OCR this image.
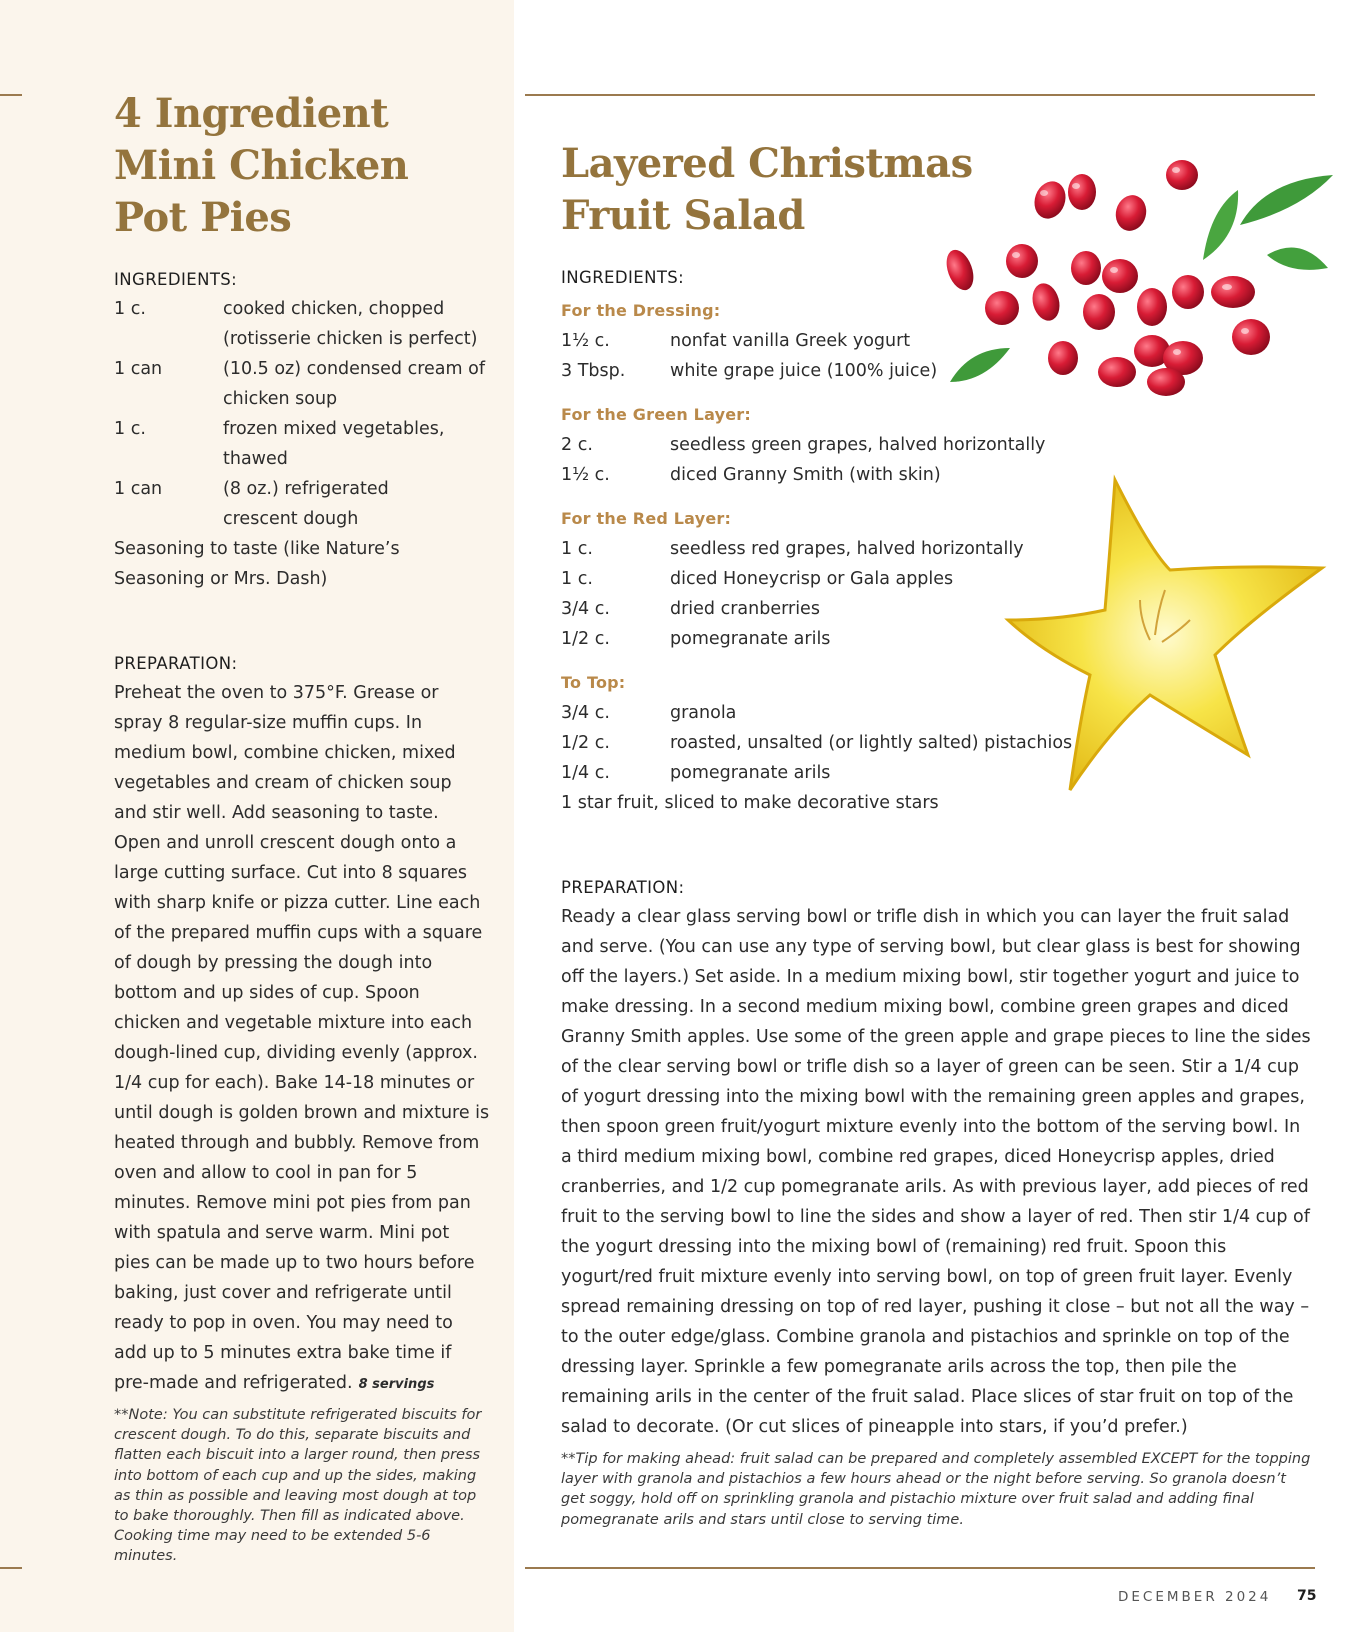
4 Ingredient
Mini Chicken
Pot Pies
INGREDIENTS:
1 c.	cooked chicken, chopped (rotisserie chicken is perfect)
1 can	(10.5 oz) condensed cream of chicken soup
1 c.	frozen mixed vegetables, thawed
1 can	(8 oz.) refrigerated crescent dough
Seasoning to taste (like Nature’s Seasoning or Mrs. Dash)
PREPARATION:

Preheat the oven to 375°F. Grease or spray 8 regular-size muffin cups. In medium bowl, combine chicken, mixed vegetables and cream of chicken soup and stir well. Add seasoning to taste. Open and unroll crescent dough onto a large cutting surface. Cut into 8 squares with sharp knife or pizza cutter. Line each of the prepared muffin cups with a square of dough by pressing the dough into bottom and up sides of cup. Spoon chicken and vegetable mixture into each dough-lined cup, dividing evenly (approx. 1/4 cup for each). Bake 14-18 minutes or until dough is golden brown and mixture is heated through and bubbly. Remove from oven and allow to cool in pan for 5 minutes. Remove mini pot pies from pan with spatula and serve warm. Mini pot pies can be made up to two hours before baking, just cover and refrigerate until ready to pop in oven. You may need to add up to 5 minutes extra bake time if pre-made and refrigerated. 8 servings

**Note: You can substitute refrigerated biscuits for crescent dough. To do this, separate biscuits and flatten each biscuit into a larger round, then press into bottom of each cup and up the sides, making as thin as possible and leaving most dough at top to bake thoroughly. Then fill as indicated above. Cooking time may need to be extended 5-6 minutes.

Layered Christmas
Fruit Salad
INGREDIENTS:
For the Dressing:
1½ c.	nonfat vanilla Greek yogurt
3 Tbsp.	white grape juice (100% juice)
For the Green Layer:
2 c.	seedless green grapes, halved horizontally
1½ c.	diced Granny Smith (with skin)
For the Red Layer:
1 c.	seedless red grapes, halved horizontally
1 c.	diced Honeycrisp or Gala apples
3/4 c.	dried cranberries
1/2 c.	pomegranate arils
To Top:
3/4 c.	granola
1/2 c.	roasted, unsalted (or lightly salted) pistachios
1/4 c.	pomegranate arils
1 star fruit, sliced to make decorative stars
PREPARATION:

Ready a clear glass serving bowl or trifle dish in which you can layer the fruit salad and serve. (You can use any type of serving bowl, but clear glass is best for showing off the layers.) Set aside. In a medium mixing bowl, stir together yogurt and juice to make dressing. In a second medium mixing bowl, combine green grapes and diced Granny Smith apples. Use some of the green apple and grape pieces to line the sides of the clear serving bowl or trifle dish so a layer of green can be seen. Stir a 1/4 cup of yogurt dressing into the mixing bowl with the remaining green apples and grapes, then spoon green fruit/yogurt mixture evenly into the bottom of the serving bowl. In a third medium mixing bowl, combine red grapes, diced Honeycrisp apples, dried cranberries, and 1/2 cup pomegranate arils. As with previous layer, add pieces of red fruit to the serving bowl to line the sides and show a layer of red. Then stir 1/4 cup of the yogurt dressing into the mixing bowl of (remaining) red fruit. Spoon this yogurt/red fruit mixture evenly into serving bowl, on top of green fruit layer. Evenly spread remaining dressing on top of red layer, pushing it close – but not all the way – to the outer edge/glass. Combine granola and pistachios and sprinkle on top of the dressing layer. Sprinkle a few pomegranate arils across the top, then pile the remaining arils in the center of the fruit salad. Place slices of star fruit on top of the salad to decorate. (Or cut slices of pineapple into stars, if you’d prefer.)

**Tip for making ahead: fruit salad can be prepared and completely assembled EXCEPT for the topping layer with granola and pistachios a few hours ahead or the night before serving. So granola doesn’t get soggy, hold off on sprinkling granola and pistachio mixture over fruit salad and adding final pomegranate arils and stars until close to serving time.

DECEMBER 2024 75
